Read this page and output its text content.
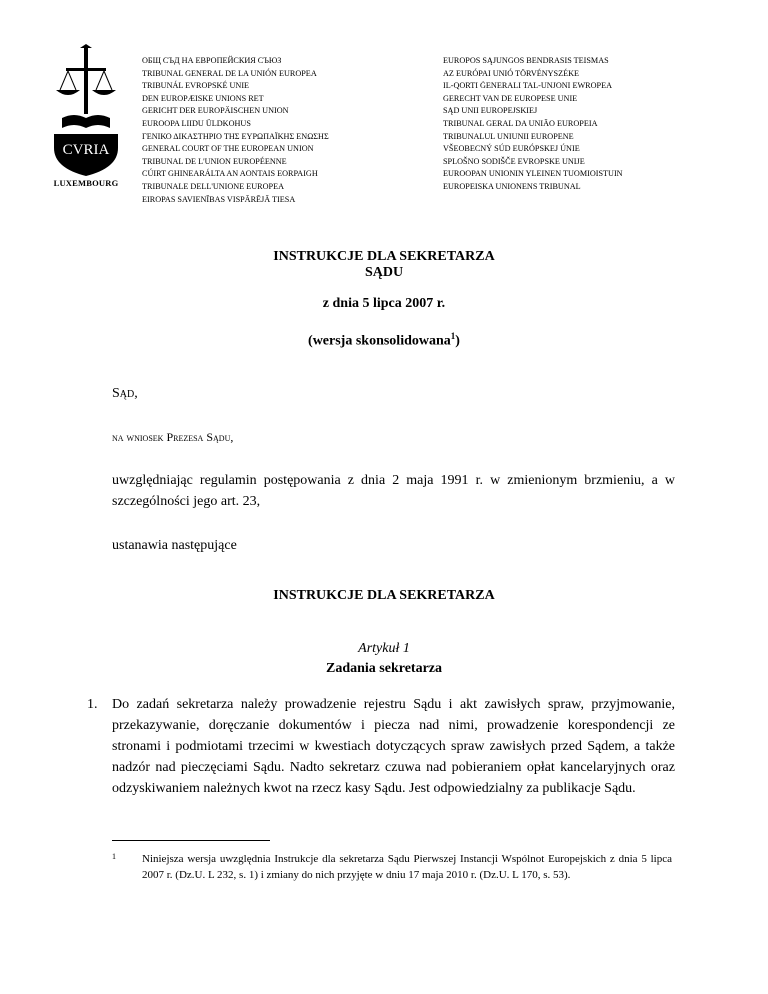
CVRIA
LUXEMBOURG
ОБЩ СЪД НА ЕВРОПЕЙСКИЯ СЪЮЗ
TRIBUNAL GENERAL DE LA UNIÓN EUROPEA
TRIBUNÁL EVROPSKÉ UNIE
DEN EUROPÆISKE UNIONS RET
GERICHT DER EUROPÄISCHEN UNION
EUROOPA LIIDU ÜLDKOHUS
ΓΕΝΙΚΟ ΔΙΚΑΣΤΗΡΙΟ ΤΗΣ ΕΥΡΩΠΑΪΚΗΣ ΕΝΩΣΗΣ
GENERAL COURT OF THE EUROPEAN UNION
TRIBUNAL DE L'UNION EUROPÉENNE
CÚIRT GHINEARÁLTA AN AONTAIS EORPAIGH
TRIBUNALE DELL'UNIONE EUROPEA
EIROPAS SAVIENĪBAS VISPĀRĒJĀ TIESA
EUROPOS SĄJUNGOS BENDRASIS TEISMAS
AZ EURÓPAI UNIÓ TÖRVÉNYSZÉKE
IL-QORTI ĠENERALI TAL-UNJONI EWROPEA
GERECHT VAN DE EUROPESE UNIE
SĄD UNII EUROPEJSKIEJ
TRIBUNAL GERAL DA UNIÃO EUROPEIA
TRIBUNALUL UNIUNII EUROPENE
VŠEOBECNÝ SÚD EURÓPSKEJ ÚNIE
SPLOŠNO SODIŠČE EVROPSKE UNIJE
EUROOPAN UNIONIN YLEINEN TUOMIOISTUIN
EUROPEISKA UNIONENS TRIBUNAL
INSTRUKCJE DLA SEKRETARZA
SĄDU
z dnia 5 lipca 2007 r.
(wersja skonsolidowana$^1$)
Sąd,
na wniosek Prezesa Sądu,
uwzględniając regulamin postępowania z dnia 2 maja 1991 r. w zmienionym brzmieniu, a w szczególności jego art. 23,
ustanawia następujące
INSTRUKCJE DLA SEKRETARZA
Artykuł 1
Zadania sekretarza
1. Do zadań sekretarza należy prowadzenie rejestru Sądu i akt zawisłych spraw, przyjmowanie, przekazywanie, doręczanie dokumentów i piecza nad nimi, prowadzenie korespondencji ze stronami i podmiotami trzecimi w kwestiach dotyczących spraw zawisłych przed Sądem, a także nadzór nad pieczęciami Sądu. Nadto sekretarz czuwa nad pobieraniem opłat kancelaryjnych oraz odzyskiwaniem należnych kwot na rzecz kasy Sądu. Jest odpowiedzialny za publikacje Sądu.
1 Niniejsza wersja uwzględnia Instrukcje dla sekretarza Sądu Pierwszej Instancji Wspólnot Europejskich z dnia 5 lipca 2007 r. (Dz.U. L 232, s. 1) i zmiany do nich przyjęte w dniu 17 maja 2010 r. (Dz.U. L 170, s. 53).
